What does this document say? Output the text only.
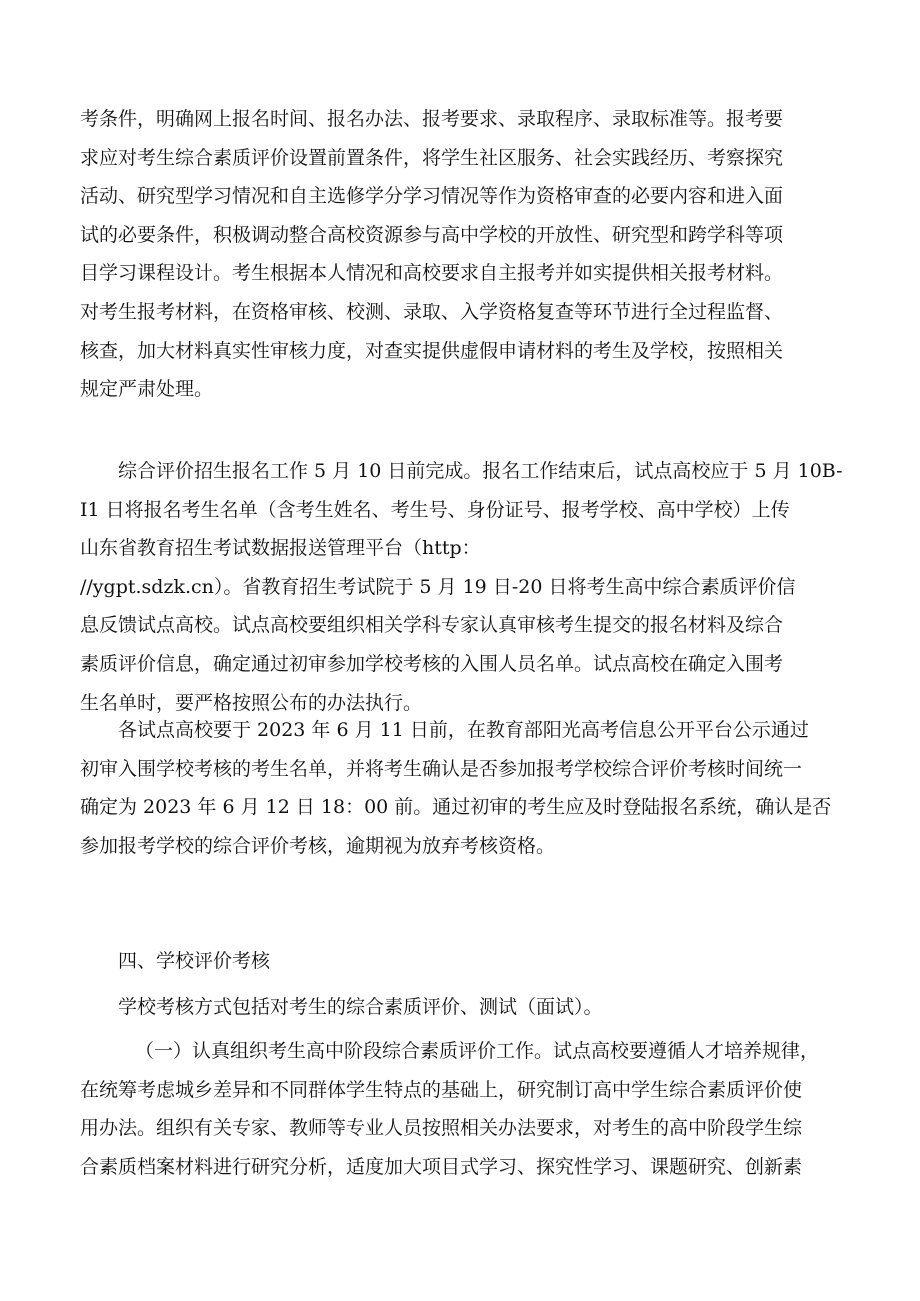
考条件，明确网上报名时间、报名办法、报考要求、录取程序、录取标准等。报考要
求应对考生综合素质评价设置前置条件，将学生社区服务、社会实践经历、考察探究
活动、研究型学习情况和自主选修学分学习情况等作为资格审查的必要内容和进入面
试的必要条件，积极调动整合高校资源参与高中学校的开放性、研究型和跨学科等项
目学习课程设计。考生根据本人情况和高校要求自主报考并如实提供相关报考材料。
对考生报考材料，在资格审核、校测、录取、入学资格复查等环节进行全过程监督、
核查，加大材料真实性审核力度，对查实提供虚假申请材料的考生及学校，按照相关
规定严肃处理。
综合评价招生报名工作 5 月 10 日前完成。报名工作结束后，试点高校应于 5 月 10B-
I1 日将报名考生名单（含考生姓名、考生号、身份证号、报考学校、高中学校）上传
山东省教育招生考试数据报送管理平台（http：
//ygpt.sdzk.cn）。省教育招生考试院于 5 月 19 日-20 日将考生高中综合素质评价信
息反馈试点高校。试点高校要组织相关学科专家认真审核考生提交的报名材料及综合
素质评价信息，确定通过初审参加学校考核的入围人员名单。试点高校在确定入围考
生名单时，要严格按照公布的办法执行。
各试点高校要于 2023 年 6 月 11 日前，在教育部阳光高考信息公开平台公示通过
初审入围学校考核的考生名单，并将考生确认是否参加报考学校综合评价考核时间统一
确定为 2023 年 6 月 12 日 18：00 前。通过初审的考生应及时登陆报名系统，确认是否
参加报考学校的综合评价考核，逾期视为放弃考核资格。
四、学校评价考核
学校考核方式包括对考生的综合素质评价、测试（面试）。
（一）认真组织考生高中阶段综合素质评价工作。试点高校要遵循人才培养规律，
在统筹考虑城乡差异和不同群体学生特点的基础上，研究制订高中学生综合素质评价使
用办法。组织有关专家、教师等专业人员按照相关办法要求，对考生的高中阶段学生综
合素质档案材料进行研究分析，适度加大项目式学习、探究性学习、课题研究、创新素
